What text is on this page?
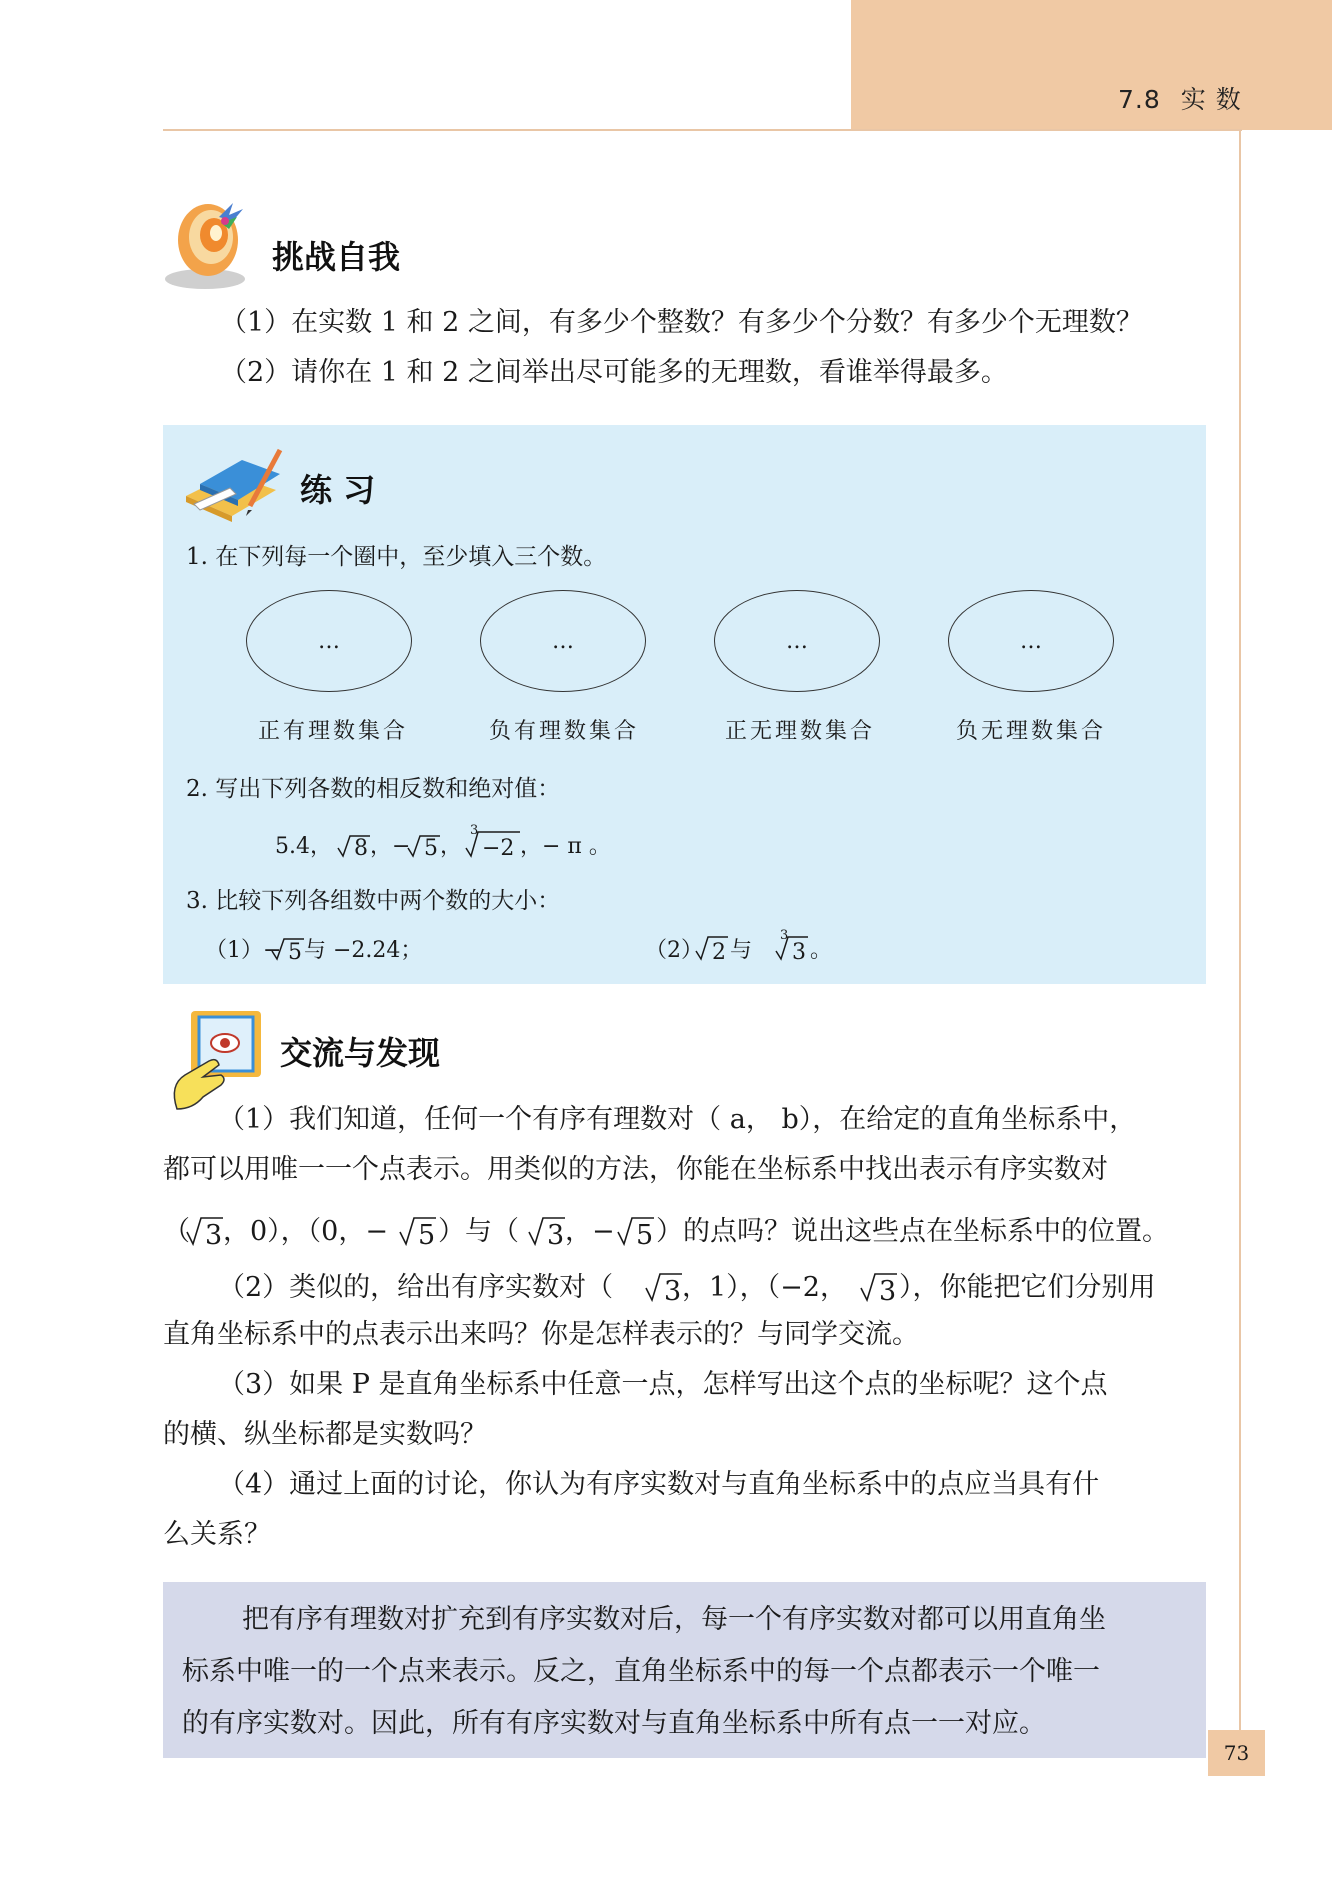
7.8 实 数
挑战自我

（1）在实数 1 和 2 之间，有多少个整数？有多少个分数？有多少个无理数？

（2）请你在 1 和 2 之间举出尽可能多的无理数，看谁举得最多。

练 习
1. 在下列每一个圈中，至少填入三个数。
…	…	…	…
正有理数集合	负有理数集合	正无理数集合	负无理数集合
2. 写出下列各数的相反数和绝对值：
5.4， 8 ，− 5 ，
3
−2 ，− π 。
3. 比较下列各组数中两个数的大小：
（1）− 5 与 −2.24；	（2） 2 与
3
3 。
交流与发现

（1）我们知道，任何一个有序有理数对（ a， b），在给定的直角坐标系中，

都可以用唯一一个点表示。用类似的方法，你能在坐标系中找出表示有序实数对

（ 3 ，0），（0，− 5 ）与（ 3 ，− 5 ）的点吗？说出这些点在坐标系中的位置。
（2）类似的，给出有序实数对（ 3 ，1），（−2， 3 ），你能把它们分别用

直角坐标系中的点表示出来吗？你是怎样表示的？与同学交流。

（3）如果 P 是直角坐标系中任意一点，怎样写出这个点的坐标呢？这个点

的横、纵坐标都是实数吗？

（4）通过上面的讨论，你认为有序实数对与直角坐标系中的点应当具有什

么关系？

把有序有理数对扩充到有序实数对后，每一个有序实数对都可以用直角坐

标系中唯一的一个点来表示。反之，直角坐标系中的每一个点都表示一个唯一

的有序实数对。因此，所有有序实数对与直角坐标系中所有点一一对应。

73
